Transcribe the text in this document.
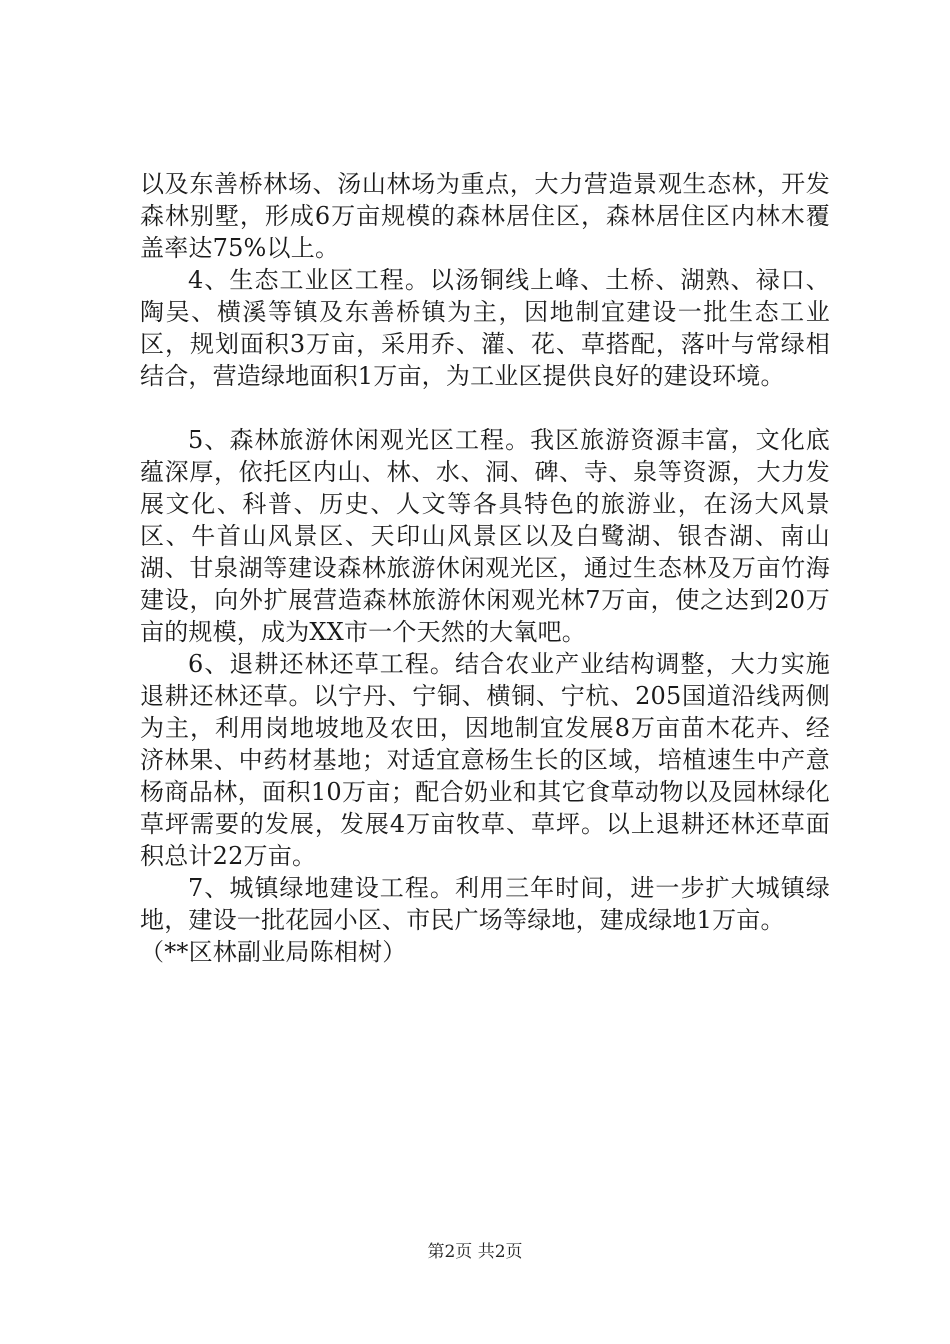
以及东善桥林场、汤山林场为重点，大力营造景观生态林，开发森林别墅，形成6万亩规模的森林居住区，森林居住区内林木覆盖率达75%以上。

4、生态工业区工程。以汤铜线上峰、土桥、湖熟、禄口、陶吴、横溪等镇及东善桥镇为主，因地制宜建设一批生态工业区，规划面积3万亩，采用乔、灌、花、草搭配，落叶与常绿相结合，营造绿地面积1万亩，为工业区提供良好的建设环境。

5、森林旅游休闲观光区工程。我区旅游资源丰富，文化底蕴深厚，依托区内山、林、水、洞、碑、寺、泉等资源，大力发展文化、科普、历史、人文等各具特色的旅游业，在汤大风景区、牛首山风景区、天印山风景区以及白鹭湖、银杏湖、南山湖、甘泉湖等建设森林旅游休闲观光区，通过生态林及万亩竹海建设，向外扩展营造森林旅游休闲观光林7万亩，使之达到20万亩的规模，成为XX市一个天然的大氧吧。

6、退耕还林还草工程。结合农业产业结构调整，大力实施退耕还林还草。以宁丹、宁铜、横铜、宁杭、205国道沿线两侧为主，利用岗地坡地及农田，因地制宜发展8万亩苗木花卉、经济林果、中药材基地；对适宜意杨生长的区域，培植速生中产意杨商品林，面积10万亩；配合奶业和其它食草动物以及园林绿化草坪需要的发展，发展4万亩牧草、草坪。以上退耕还林还草面积总计22万亩。

7、城镇绿地建设工程。利用三年时间，进一步扩大城镇绿地，建设一批花园小区、市民广场等绿地，建成绿地1万亩。

（**区林副业局陈相树）

第2页 共2页
